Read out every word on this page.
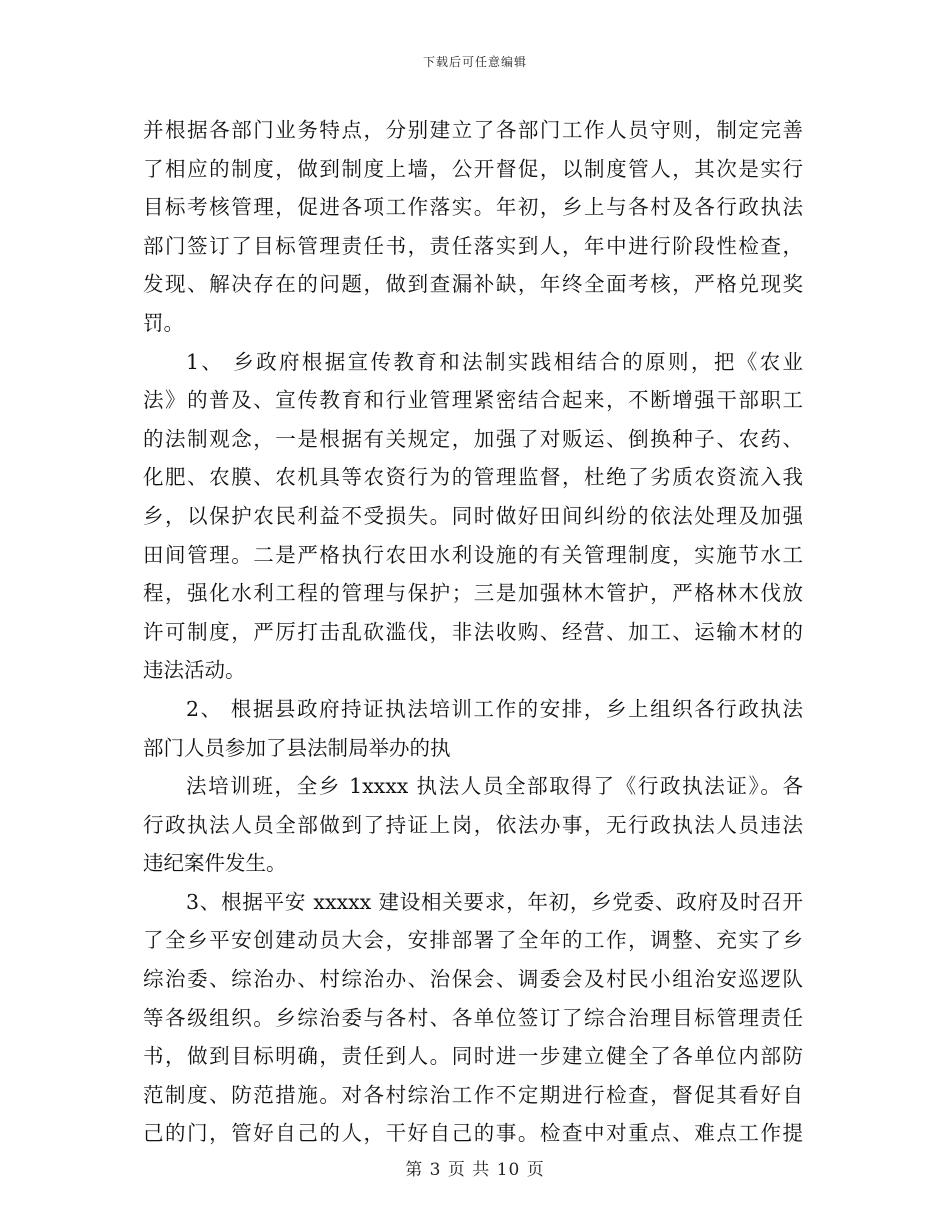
下载后可任意编辑
并根据各部门业务特点，分别建立了各部门工作人员守则，制定完善
了相应的制度，做到制度上墙，公开督促，以制度管人，其次是实行
目标考核管理，促进各项工作落实。年初，乡上与各村及各行政执法
部门签订了目标管理责任书，责任落实到人，年中进行阶段性检查，
发现、解决存在的问题，做到查漏补缺，年终全面考核，严格兑现奖
罚。
1、 乡政府根据宣传教育和法制实践相结合的原则，把《农业
法》的普及、宣传教育和行业管理紧密结合起来，不断增强干部职工
的法制观念，一是根据有关规定，加强了对贩运、倒换种子、农药、
化肥、农膜、农机具等农资行为的管理监督，杜绝了劣质农资流入我
乡，以保护农民利益不受损失。同时做好田间纠纷的依法处理及加强
田间管理。二是严格执行农田水利设施的有关管理制度，实施节水工
程，强化水利工程的管理与保护；三是加强林木管护，严格林木伐放
许可制度，严厉打击乱砍滥伐，非法收购、经营、加工、运输木材的
违法活动。
2、 根据县政府持证执法培训工作的安排，乡上组织各行政执法
部门人员参加了县法制局举办的执
法培训班，全乡 1xxxx 执法人员全部取得了《行政执法证》。各
行政执法人员全部做到了持证上岗，依法办事，无行政执法人员违法
违纪案件发生。
3、根据平安 xxxxx 建设相关要求，年初，乡党委、政府及时召开
了全乡平安创建动员大会，安排部署了全年的工作，调整、充实了乡
综治委、综治办、村综治办、治保会、调委会及村民小组治安巡逻队
等各级组织。乡综治委与各村、各单位签订了综合治理目标管理责任
书，做到目标明确，责任到人。同时进一步建立健全了各单位内部防
范制度、防范措施。对各村综治工作不定期进行检查，督促其看好自
己的门，管好自己的人，干好自己的事。检查中对重点、难点工作提
第 3 页 共 10 页
